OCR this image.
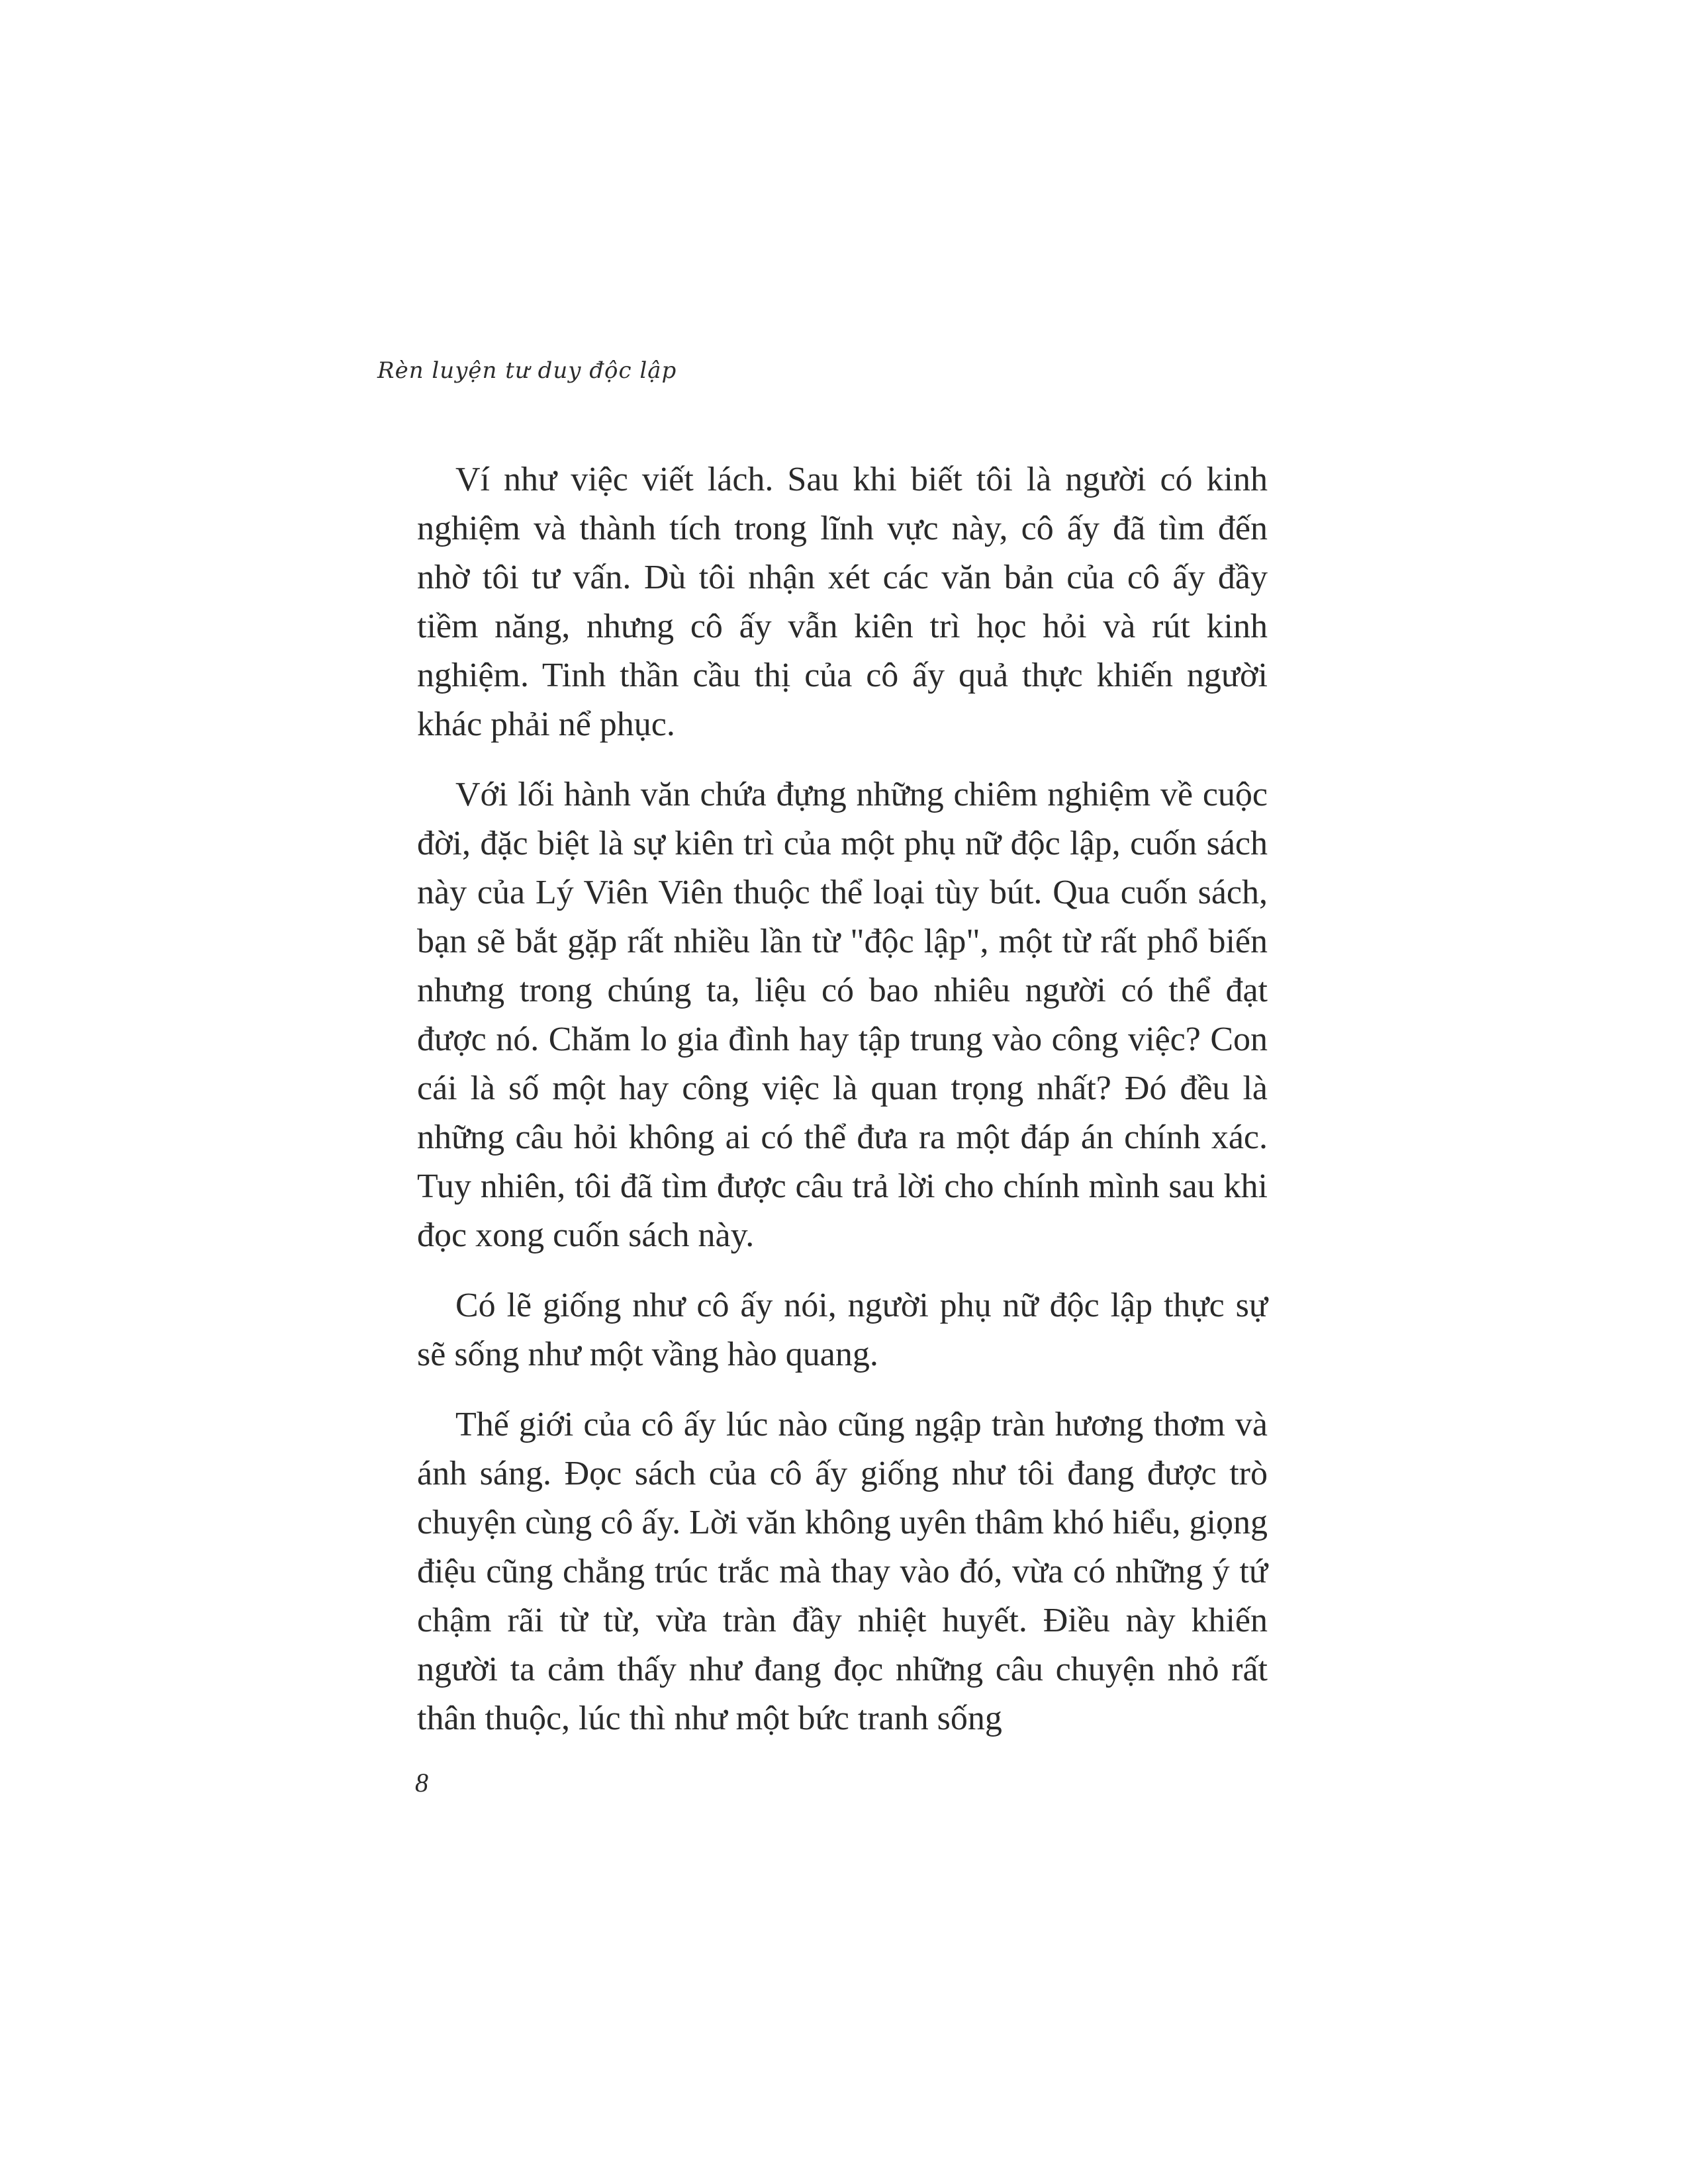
Rèn luyện tư duy độc lập

Ví như việc viết lách. Sau khi biết tôi là người có kinh nghiệm và thành tích trong lĩnh vực này, cô ấy đã tìm đến nhờ tôi tư vấn. Dù tôi nhận xét các văn bản của cô ấy đầy tiềm năng, nhưng cô ấy vẫn kiên trì học hỏi và rút kinh nghiệm. Tinh thần cầu thị của cô ấy quả thực khiến người khác phải nể phục.

Với lối hành văn chứa đựng những chiêm nghiệm về cuộc đời, đặc biệt là sự kiên trì của một phụ nữ độc lập, cuốn sách này của Lý Viên Viên thuộc thể loại tùy bút. Qua cuốn sách, bạn sẽ bắt gặp rất nhiều lần từ "độc lập", một từ rất phổ biến nhưng trong chúng ta, liệu có bao nhiêu người có thể đạt được nó. Chăm lo gia đình hay tập trung vào công việc? Con cái là số một hay công việc là quan trọng nhất? Đó đều là những câu hỏi không ai có thể đưa ra một đáp án chính xác. Tuy nhiên, tôi đã tìm được câu trả lời cho chính mình sau khi đọc xong cuốn sách này.

Có lẽ giống như cô ấy nói, người phụ nữ độc lập thực sự sẽ sống như một vầng hào quang.

Thế giới của cô ấy lúc nào cũng ngập tràn hương thơm và ánh sáng. Đọc sách của cô ấy giống như tôi đang được trò chuyện cùng cô ấy. Lời văn không uyên thâm khó hiểu, giọng điệu cũng chẳng trúc trắc mà thay vào đó, vừa có những ý tứ chậm rãi từ từ, vừa tràn đầy nhiệt huyết. Điều này khiến người ta cảm thấy như đang đọc những câu chuyện nhỏ rất thân thuộc, lúc thì như một bức tranh sống

8
